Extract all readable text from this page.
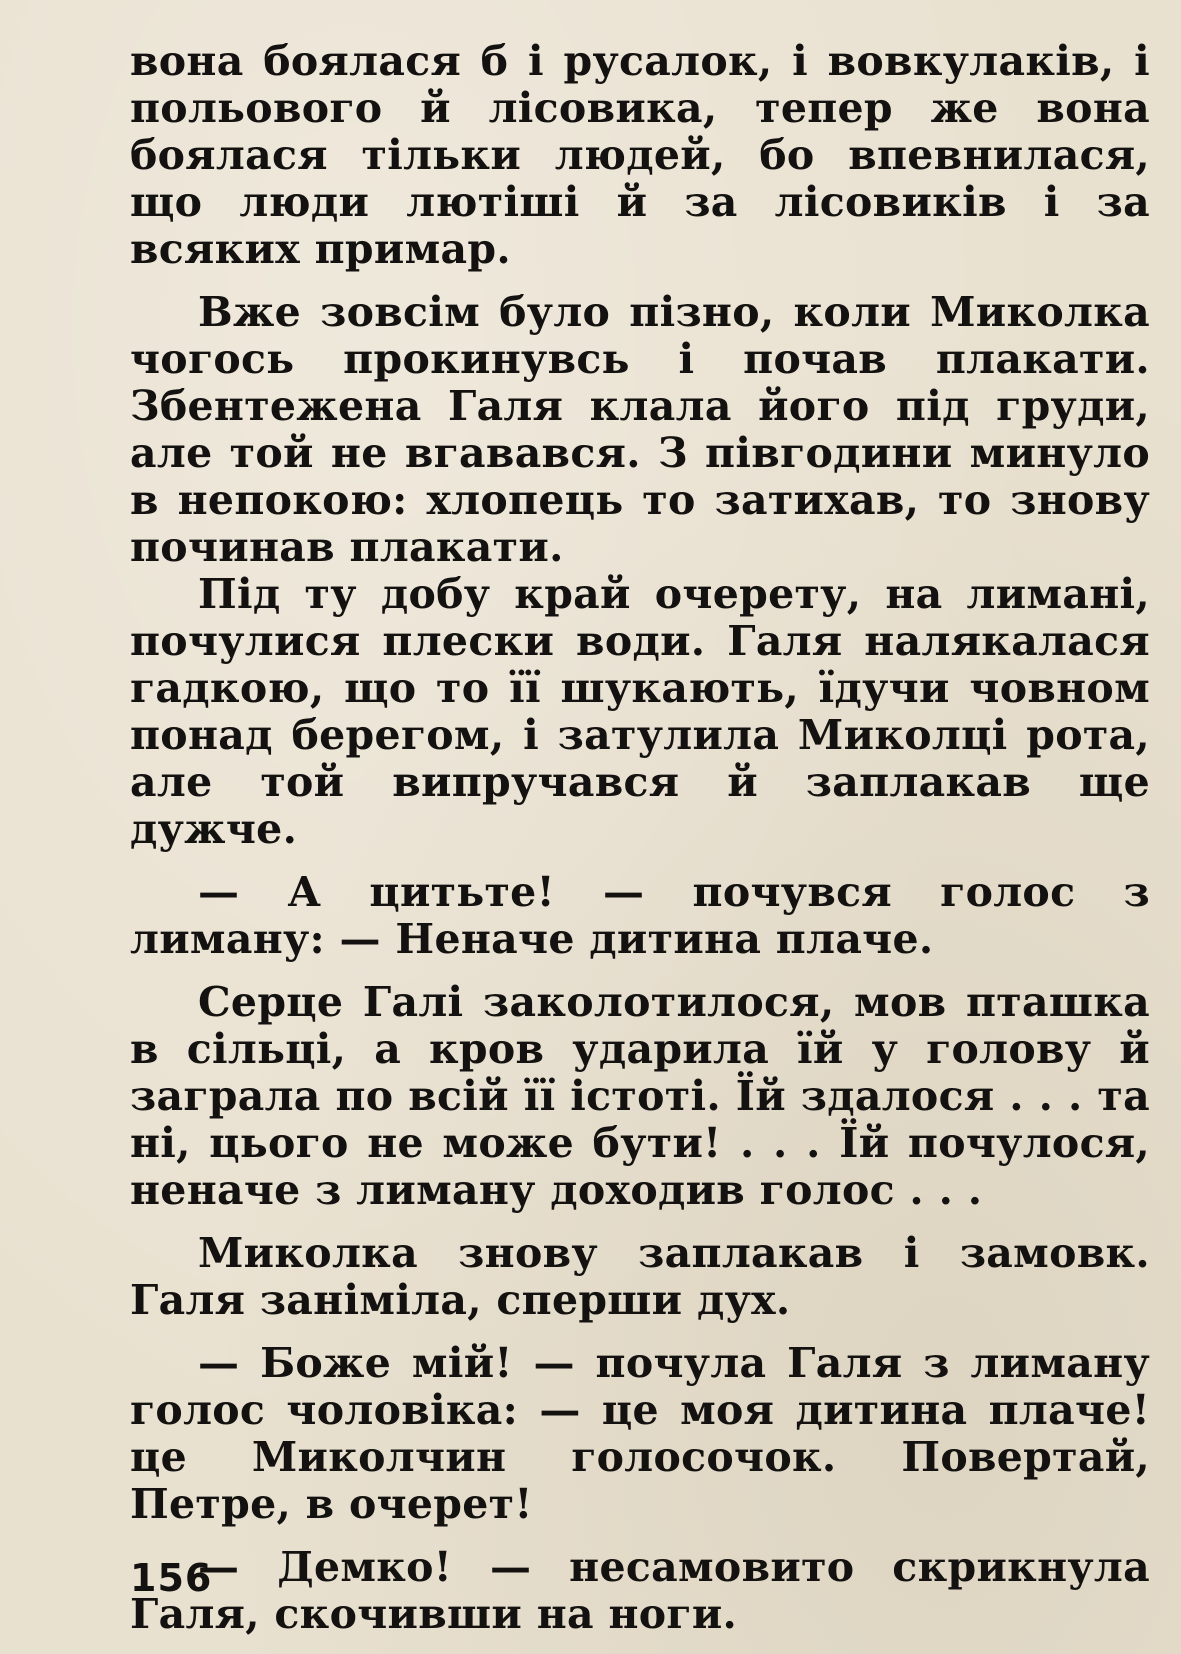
вона боялася б і русалок, і вовкулаків, і польового й лісовика, тепер же вона боялася тільки людей, бо впевнилася, що люди лютіші й за лісовиків і за всяких примар.

Вже зовсім було пізно, коли Миколка чогось прокинувсь і почав плакати. Збентежена Галя клала його під груди, але той не вгавався. З півгодини минуло в непокою: хлопець то затихав, то знову починав плакати.

Під ту добу край очерету, на лимані, почулися плески води. Галя налякалася гадкою, що то її шукають, їдучи човном понад берегом, і затулила Миколці рота, але той випручався й заплакав ще дужче.

— А цитьте! — почувся голос з лиману: — Неначе дитина плаче.

Серце Галі заколотилося, мов пташка в сільці, а кров ударила їй у голову й заграла по всій її істоті. Їй здалося . . . та ні, цього не може бути! . . . Їй почулося, неначе з лиману доходив голос . . .

Миколка знову заплакав і замовк. Галя заніміла, сперши дух.

— Боже мій! — почула Галя з лиману голос чоловіка: — це моя дитина плаче! це Миколчин голосочок. Повертай, Петре, в очерет!

— Демко! — несамовито скрикнула Галя, скочивши на ноги.

156
